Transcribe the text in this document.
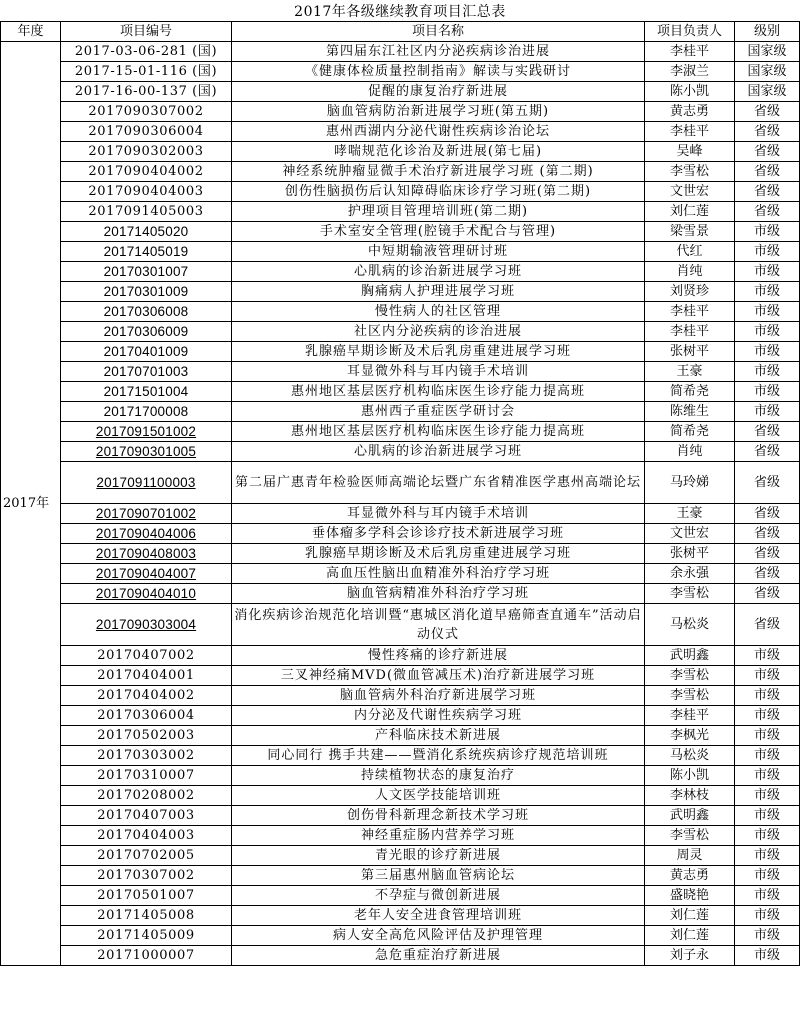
2017年各级继续教育项目汇总表
年度	项目编号	项目名称	项目负责人	级别
2017年	2017-03-06-281 (国)	第四届东江社区内分泌疾病诊治进展	李桂平	国家级
	2017-15-01-116 (国)	《健康体检质量控制指南》解读与实践研讨	李淑兰	国家级
	2017-16-00-137 (国)	促醒的康复治疗新进展	陈小凯	国家级
	2017090307002	脑血管病防治新进展学习班(第五期)	黄志勇	省级
	2017090306004	惠州西湖内分泌代谢性疾病诊治论坛	李桂平	省级
	2017090302003	哮喘规范化诊治及新进展(第七届)	吴峰	省级
	2017090404002	神经系统肿瘤显微手术治疗新进展学习班 (第二期)	李雪松	省级
	2017090404003	创伤性脑损伤后认知障碍临床诊疗学习班(第二期)	文世宏	省级
	2017091405003	护理项目管理培训班(第二期)	刘仁莲	省级
	20171405020	手术室安全管理(腔镜手术配合与管理)	梁雪景	市级
	20171405019	中短期输液管理研讨班	代红	市级
	20170301007	心肌病的诊治新进展学习班	肖纯	市级
	20170301009	胸痛病人护理进展学习班	刘贤珍	市级
	20170306008	慢性病人的社区管理	李桂平	市级
	20170306009	社区内分泌疾病的诊治进展	李桂平	市级
	20170401009	乳腺癌早期诊断及术后乳房重建进展学习班	张树平	市级
	20170701003	耳显微外科与耳内镜手术培训	王豪	市级
	20171501004	惠州地区基层医疗机构临床医生诊疗能力提高班	简希尧	市级
	20171700008	惠州西子重症医学研讨会	陈维生	市级
	2017091501002	惠州地区基层医疗机构临床医生诊疗能力提高班	简希尧	省级
	2017090301005	心肌病的诊治新进展学习班	肖纯	省级
	2017091100003	第二届广惠青年检验医师高端论坛暨广东省精准医学惠州高端论坛	马玲娣	省级
	2017090701002	耳显微外科与耳内镜手术培训	王豪	省级
	2017090404006	垂体瘤多学科会诊诊疗技术新进展学习班	文世宏	省级
	2017090408003	乳腺癌早期诊断及术后乳房重建进展学习班	张树平	省级
	2017090404007	高血压性脑出血精准外科治疗学习班	余永强	省级
	2017090404010	脑血管病精准外科治疗学习班	李雪松	省级
	2017090303004	消化疾病诊治规范化培训暨“惠城区消化道早癌筛查直通车”活动启动仪式	马松炎	省级
	20170407002	慢性疼痛的诊疗新进展	武明鑫	市级
	20170404001	三叉神经痛MVD(微血管减压术)治疗新进展学习班	李雪松	市级
	20170404002	脑血管病外科治疗新进展学习班	李雪松	市级
	20170306004	内分泌及代谢性疾病学习班	李桂平	市级
	20170502003	产科临床技术新进展	李枫光	市级
	20170303002	同心同行 携手共建——暨消化系统疾病诊疗规范培训班	马松炎	市级
	20170310007	持续植物状态的康复治疗	陈小凯	市级
	20170208002	人文医学技能培训班	李林枝	市级
	20170407003	创伤骨科新理念新技术学习班	武明鑫	市级
	20170404003	神经重症肠内营养学习班	李雪松	市级
	20170702005	青光眼的诊疗新进展	周灵	市级
	20170307002	第三届惠州脑血管病论坛	黄志勇	市级
	20170501007	不孕症与微创新进展	盛晓艳	市级
	20171405008	老年人安全进食管理培训班	刘仁莲	市级
	20171405009	病人安全高危风险评估及护理管理	刘仁莲	市级
	20171000007	急危重症治疗新进展	刘子永	市级
